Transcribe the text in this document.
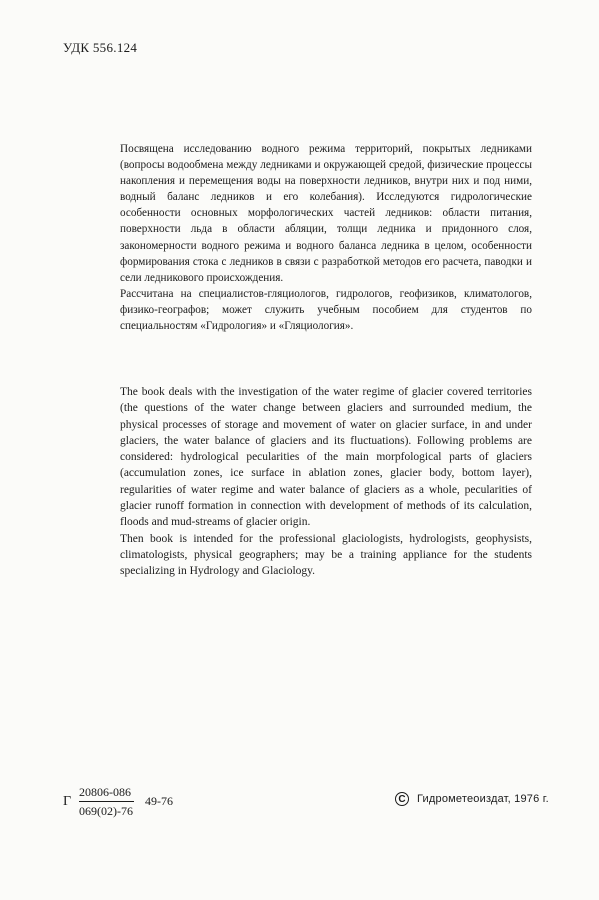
УДК 556.124

Посвящена исследованию водного режима территорий, покрытых ледниками (вопросы водообмена между ледниками и окружающей средой, физические процессы накопления и перемещения воды на поверхности ледников, внутри них и под ними, водный баланс ледников и его колебания). Исследуются гидрологические особенности основных морфологических частей ледников: области питания, поверхности льда в области абляции, толщи ледника и придонного слоя, закономерности водного режима и водного баланса ледника в целом, особенности формирования стока с ледников в связи с разработкой методов его расчета, паводки и сели ледникового происхождения.

Рассчитана на специалистов-гляциологов, гидрологов, геофизиков, климатологов, физико-географов; может служить учебным пособием для студентов по специальностям «Гидрология» и «Гляциология».

The book deals with the investigation of the water regime of glacier covered territories (the questions of the water change between glaciers and surrounded medium, the physical processes of storage and movement of water on glacier surface, in and under glaciers, the water balance of glaciers and its fluctuations). Following problems are considered: hydrological pecularities of the main morpfological parts of glaciers (accumulation zones, ice surface in ablation zones, glacier body, bottom layer), regularities of water regime and water balance of glaciers as a whole, pecularities of glacier runoff formation in connection with development of methods of its calculation, floods and mud-streams of glacier origin.

Then book is intended for the professional glaciologists, hydrologists, geophysists, climatologists, physical geographers; may be a training appliance for the students specializing in Hydrology and Glaciology.

Г $\frac{20806-086}{069(02)-76} 49-76$	C	Гидрометеоиздат, 1976 г.
